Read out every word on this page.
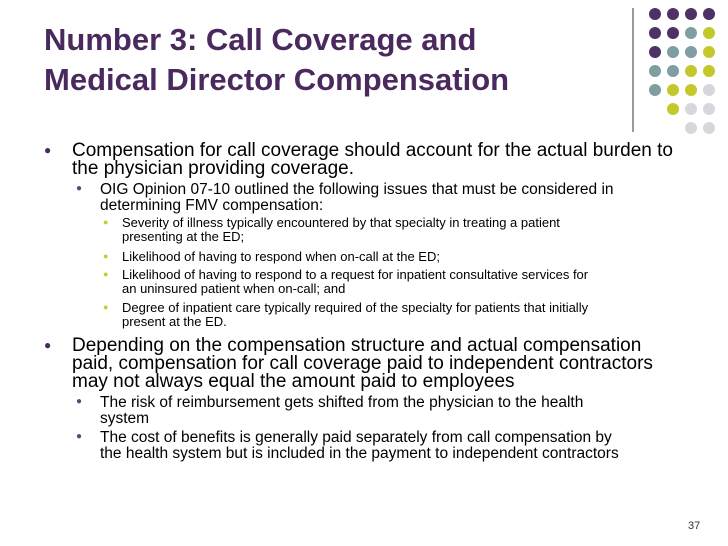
Number 3: Call Coverage and
Medical Director Compensation
● Compensation for call coverage should account for the actual burden to
the physician providing coverage.
● OIG Opinion 07-10 outlined the following issues that must be considered in
determining FMV compensation:
● Severity of illness typically encountered by that specialty in treating a patient
presenting at the ED;
● Likelihood of having to respond when on-call at the ED;
● Likelihood of having to respond to a request for inpatient consultative services for
an uninsured patient when on-call; and
● Degree of inpatient care typically required of the specialty for patients that initially
present at the ED.
● Depending on the compensation structure and actual compensation
paid, compensation for call coverage paid to independent contractors
may not always equal the amount paid to employees
● The risk of reimbursement gets shifted from the physician to the health
system
● The cost of benefits is generally paid separately from call compensation by
the health system but is included in the payment to independent contractors
37
